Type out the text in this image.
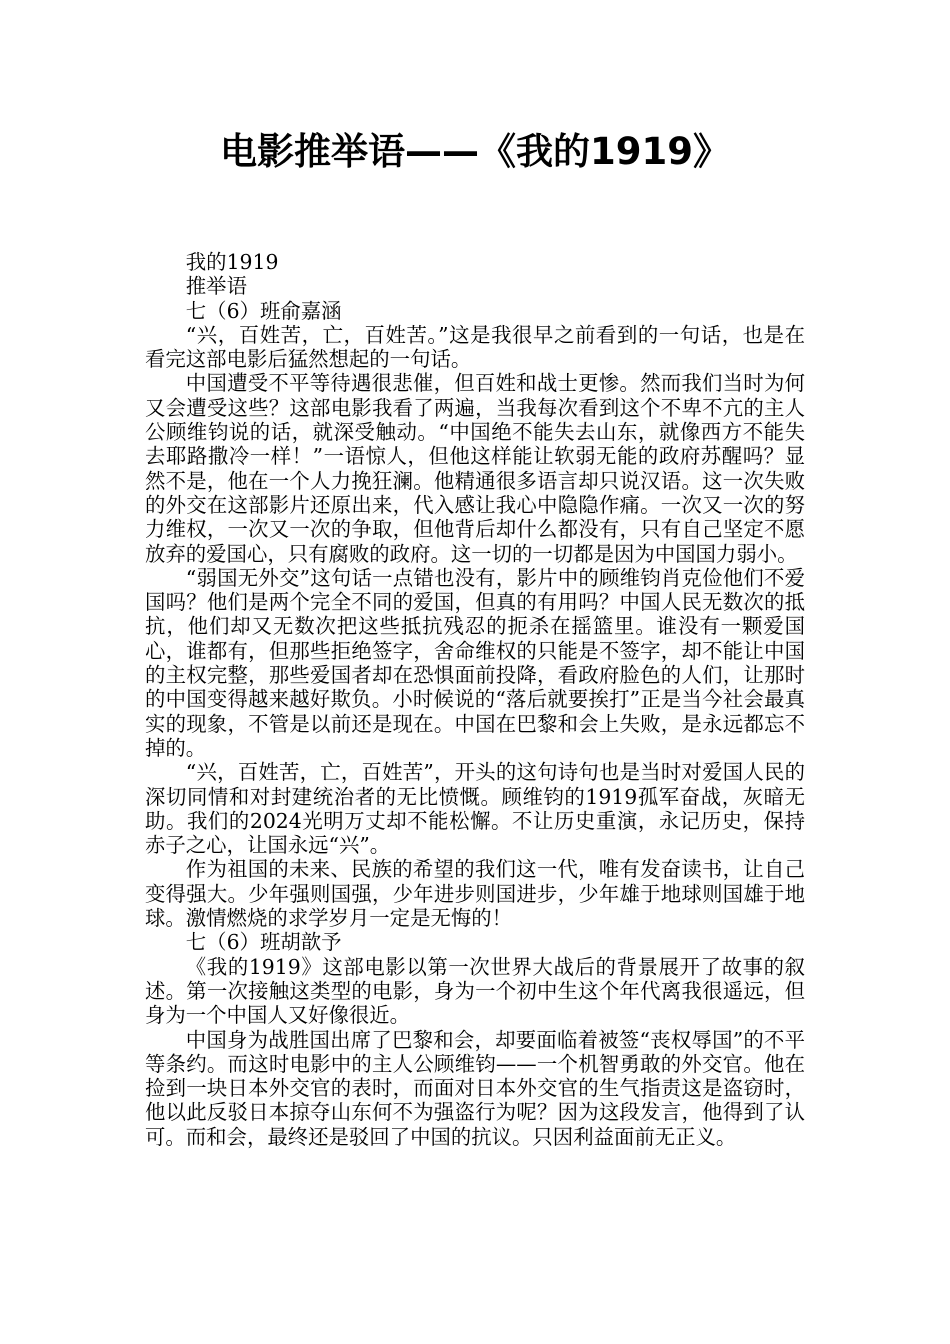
电影推举语——《我的1919》

我的1919

推举语

七（6）班俞嘉涵

“兴，百姓苦，亡，百姓苦。”这是我很早之前看到的一句话，也是在看完这部电影后猛然想起的一句话。

中国遭受不平等待遇很悲催，但百姓和战士更惨。然而我们当时为何又会遭受这些？这部电影我看了两遍，当我每次看到这个不卑不亢的主人公顾维钧说的话，就深受触动。“中国绝不能失去山东，就像西方不能失去耶路撒冷一样！”一语惊人，但他这样能让软弱无能的政府苏醒吗？显然不是，他在一个人力挽狂澜。他精通很多语言却只说汉语。这一次失败的外交在这部影片还原出来，代入感让我心中隐隐作痛。一次又一次的努力维权，一次又一次的争取，但他背后却什么都没有，只有自己坚定不愿放弃的爱国心，只有腐败的政府。这一切的一切都是因为中国国力弱小。

“弱国无外交”这句话一点错也没有，影片中的顾维钧肖克俭他们不爱国吗？他们是两个完全不同的爱国，但真的有用吗？中国人民无数次的抵抗，他们却又无数次把这些抵抗残忍的扼杀在摇篮里。谁没有一颗爱国心，谁都有，但那些拒绝签字，舍命维权的只能是不签字，却不能让中国的主权完整，那些爱国者却在恐惧面前投降，看政府脸色的人们，让那时的中国变得越来越好欺负。小时候说的“落后就要挨打”正是当今社会最真实的现象，不管是以前还是现在。中国在巴黎和会上失败，是永远都忘不掉的。

“兴，百姓苦，亡，百姓苦”，开头的这句诗句也是当时对爱国人民的深切同情和对封建统治者的无比愤慨。顾维钧的1919孤军奋战，灰暗无助。我们的2024光明万丈却不能松懈。不让历史重演，永记历史，保持赤子之心，让国永远“兴”。

作为祖国的未来、民族的希望的我们这一代，唯有发奋读书，让自己变得强大。少年强则国强，少年进步则国进步，少年雄于地球则国雄于地球。激情燃烧的求学岁月一定是无悔的！

七（6）班胡歆予

《我的1919》这部电影以第一次世界大战后的背景展开了故事的叙述。第一次接触这类型的电影，身为一个初中生这个年代离我很遥远，但身为一个中国人又好像很近。

中国身为战胜国出席了巴黎和会，却要面临着被签“丧权辱国”的不平等条约。而这时电影中的主人公顾维钧——一个机智勇敢的外交官。他在捡到一块日本外交官的表时，而面对日本外交官的生气指责这是盗窃时，他以此反驳日本掠夺山东何不为强盗行为呢？因为这段发言，他得到了认可。而和会，最终还是驳回了中国的抗议。只因利益面前无正义。
